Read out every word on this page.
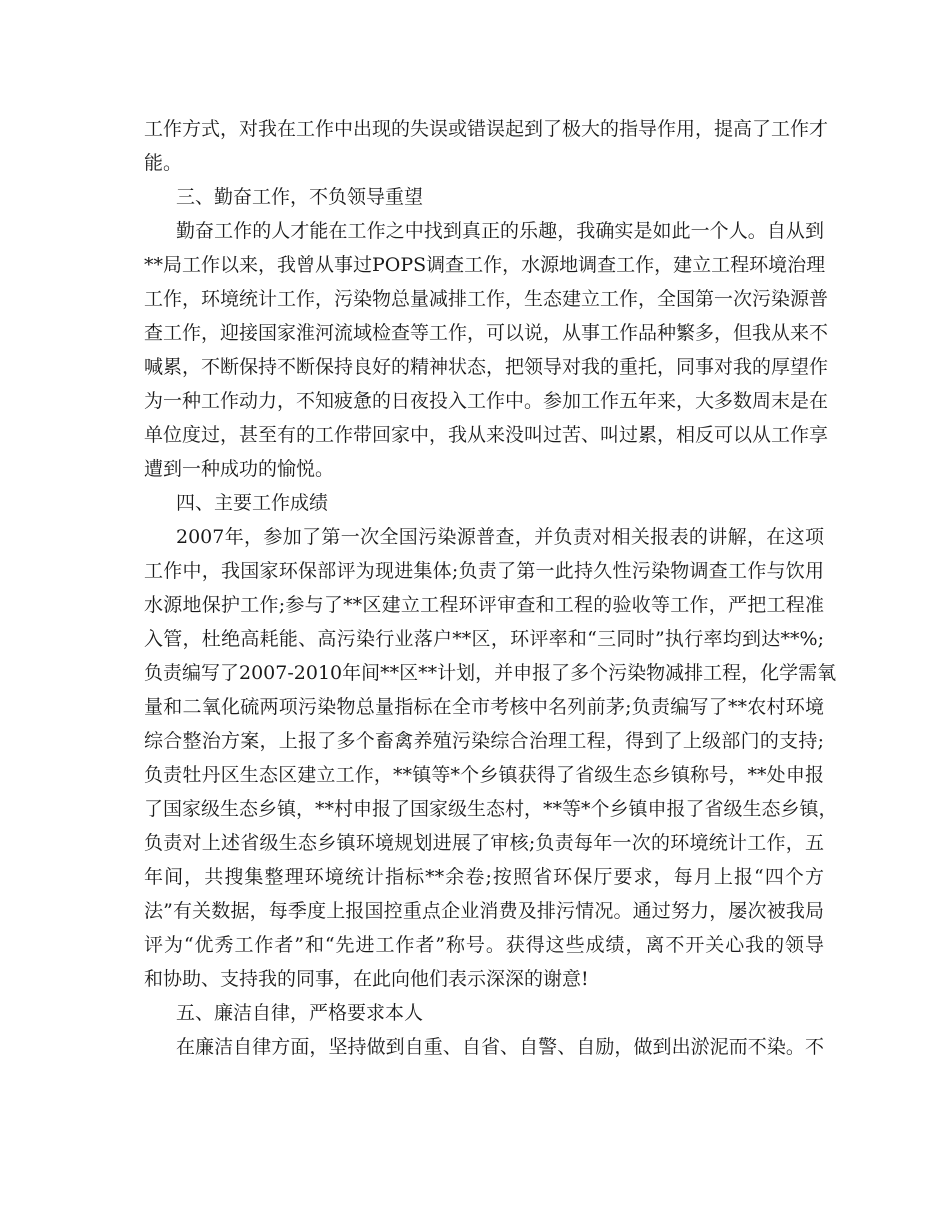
工作方式，对我在工作中出现的失误或错误起到了极大的指导作用，提高了工作才
能。
三、勤奋工作，不负领导重望
勤奋工作的人才能在工作之中找到真正的乐趣，我确实是如此一个人。自从到
**局工作以来，我曾从事过POPS调查工作，水源地调查工作，建立工程环境治理
工作，环境统计工作，污染物总量减排工作，生态建立工作，全国第一次污染源普
查工作，迎接国家淮河流域检查等工作，可以说，从事工作品种繁多，但我从来不
喊累，不断保持不断保持良好的精神状态，把领导对我的重托，同事对我的厚望作
为一种工作动力，不知疲惫的日夜投入工作中。参加工作五年来，大多数周末是在
单位度过，甚至有的工作带回家中，我从来没叫过苦、叫过累，相反可以从工作享
遭到一种成功的愉悦。
四、主要工作成绩
2007年，参加了第一次全国污染源普查，并负责对相关报表的讲解，在这项
工作中，我国家环保部评为现进集体;负责了第一此持久性污染物调查工作与饮用
水源地保护工作;参与了**区建立工程环评审查和工程的验收等工作，严把工程准
入管，杜绝高耗能、高污染行业落户**区，环评率和“三同时”执行率均到达**%;
负责编写了2007-2010年间**区**计划，并申报了多个污染物减排工程，化学需氧
量和二氧化硫两项污染物总量指标在全市考核中名列前茅;负责编写了**农村环境
综合整治方案，上报了多个畜禽养殖污染综合治理工程，得到了上级部门的支持;
负责牡丹区生态区建立工作，**镇等*个乡镇获得了省级生态乡镇称号，**处申报
了国家级生态乡镇，**村申报了国家级生态村，**等*个乡镇申报了省级生态乡镇，
负责对上述省级生态乡镇环境规划进展了审核;负责每年一次的环境统计工作，五
年间，共搜集整理环境统计指标**余卷;按照省环保厅要求，每月上报“四个方
法”有关数据，每季度上报国控重点企业消费及排污情况。通过努力，屡次被我局
评为“优秀工作者”和“先进工作者”称号。获得这些成绩，离不开关心我的领导
和协助、支持我的同事，在此向他们表示深深的谢意!
五、廉洁自律，严格要求本人
在廉洁自律方面，坚持做到自重、自省、自警、自励，做到出淤泥而不染。不
